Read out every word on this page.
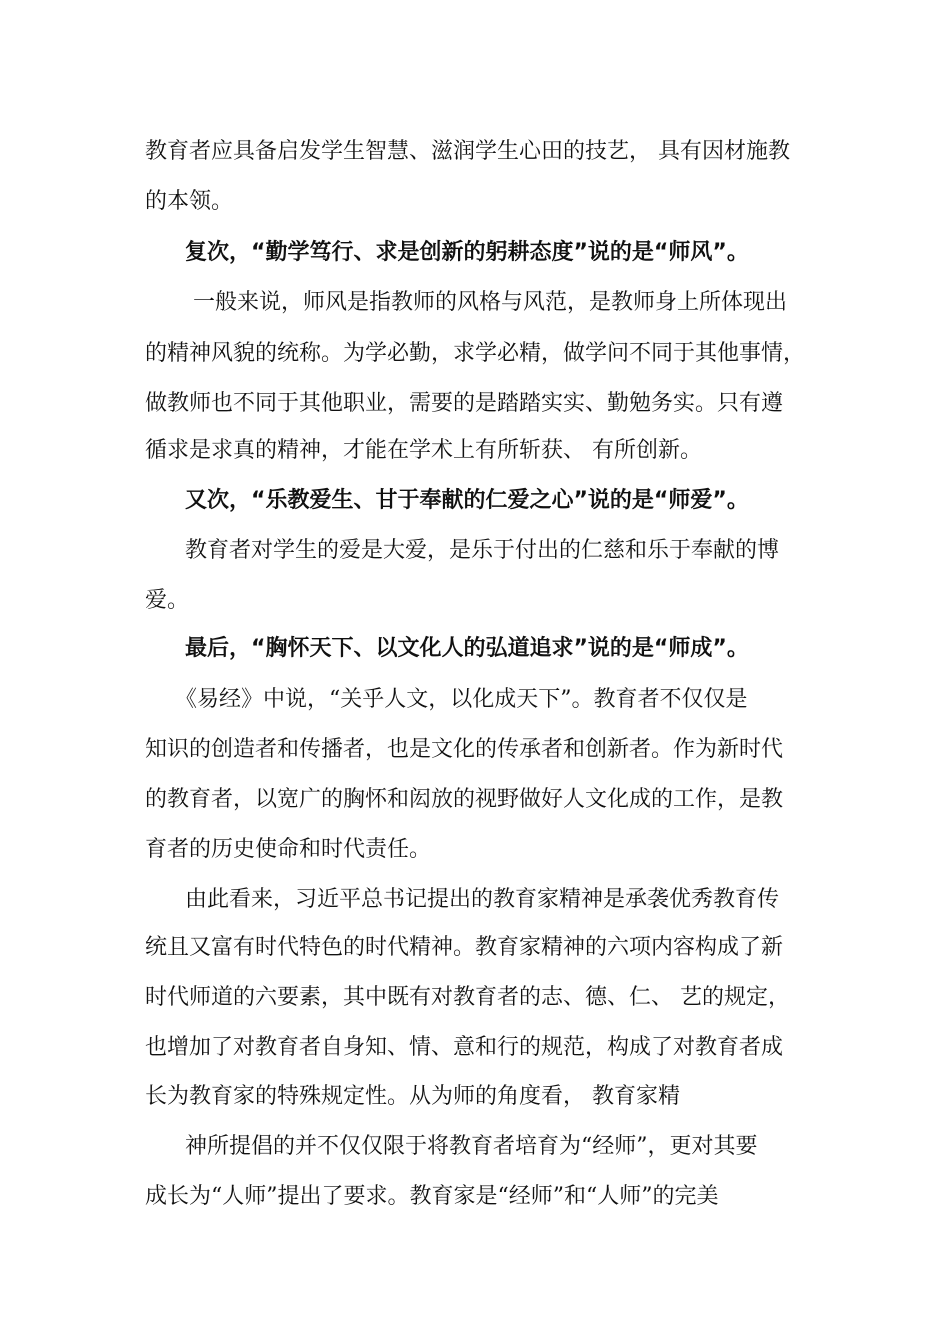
教育者应具备启发学生智慧、滋润学生心田的技艺， 具有因材施教
的本领。
复次，“勤学笃行、求是创新的躬耕态度”说的是“师风”。
一般来说，师风是指教师的风格与风范，是教师身上所体现出
的精神风貌的统称。为学必勤，求学必精，做学问不同于其他事情，
做教师也不同于其他职业，需要的是踏踏实实、勤勉务实。只有遵
循求是求真的精神，才能在学术上有所斩获、 有所创新。
又次，“乐教爱生、甘于奉献的仁爱之心”说的是“师爱”。
教育者对学生的爱是大爱，是乐于付出的仁慈和乐于奉献的博
爱。
最后，“胸怀天下、以文化人的弘道追求”说的是“师成”。
《易经》中说，“关乎人文，以化成天下”。教育者不仅仅是
知识的创造者和传播者，也是文化的传承者和创新者。作为新时代
的教育者，以宽广的胸怀和闳放的视野做好人文化成的工作，是教
育者的历史使命和时代责任。
由此看来，习近平总书记提出的教育家精神是承袭优秀教育传
统且又富有时代特色的时代精神。教育家精神的六项内容构成了新
时代师道的六要素，其中既有对教育者的志、德、仁、 艺的规定，
也增加了对教育者自身知、情、意和行的规范，构成了对教育者成
长为教育家的特殊规定性。从为师的角度看， 教育家精
神所提倡的并不仅仅限于将教育者培育为“经师”，更对其要
成长为“人师”提出了要求。教育家是“经师”和“人师”的完美
